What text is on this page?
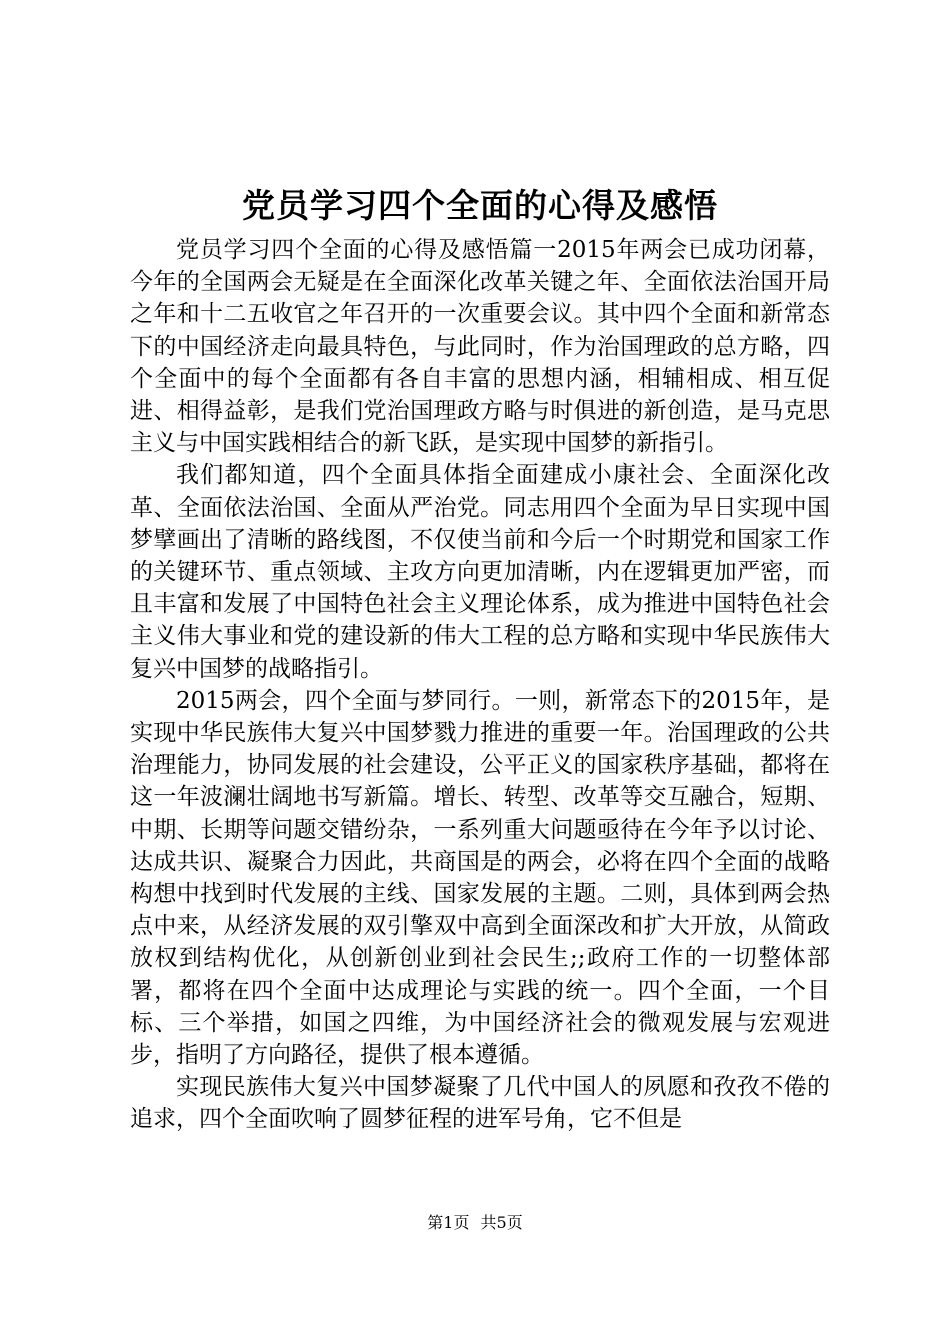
党员学习四个全面的心得及感悟

党员学习四个全面的心得及感悟篇一2015年两会已成功闭幕，今年的全国两会无疑是在全面深化改革关键之年、全面依法治国开局之年和十二五收官之年召开的一次重要会议。其中四个全面和新常态下的中国经济走向最具特色，与此同时，作为治国理政的总方略，四个全面中的每个全面都有各自丰富的思想内涵，相辅相成、相互促进、相得益彰，是我们党治国理政方略与时俱进的新创造，是马克思主义与中国实践相结合的新飞跃，是实现中国梦的新指引。

我们都知道，四个全面具体指全面建成小康社会、全面深化改革、全面依法治国、全面从严治党。同志用四个全面为早日实现中国梦擘画出了清晰的路线图，不仅使当前和今后一个时期党和国家工作的关键环节、重点领域、主攻方向更加清晰，内在逻辑更加严密，而且丰富和发展了中国特色社会主义理论体系，成为推进中国特色社会主义伟大事业和党的建设新的伟大工程的总方略和实现中华民族伟大复兴中国梦的战略指引。

2015两会，四个全面与梦同行。一则，新常态下的2015年，是实现中华民族伟大复兴中国梦戮力推进的重要一年。治国理政的公共治理能力，协同发展的社会建设，公平正义的国家秩序基础，都将在这一年波澜壮阔地书写新篇。增长、转型、改革等交互融合，短期、中期、长期等问题交错纷杂，一系列重大问题亟待在今年予以讨论、达成共识、凝聚合力因此，共商国是的两会，必将在四个全面的战略构想中找到时代发展的主线、国家发展的主题。二则，具体到两会热点中来，从经济发展的双引擎双中高到全面深改和扩大开放，从简政放权到结构优化，从创新创业到社会民生;;政府工作的一切整体部署，都将在四个全面中达成理论与实践的统一。四个全面，一个目标、三个举措，如国之四维，为中国经济社会的微观发展与宏观进步，指明了方向路径，提供了根本遵循。

实现民族伟大复兴中国梦凝聚了几代中国人的夙愿和孜孜不倦的追求，四个全面吹响了圆梦征程的进军号角，它不但是

第1页 共5页
